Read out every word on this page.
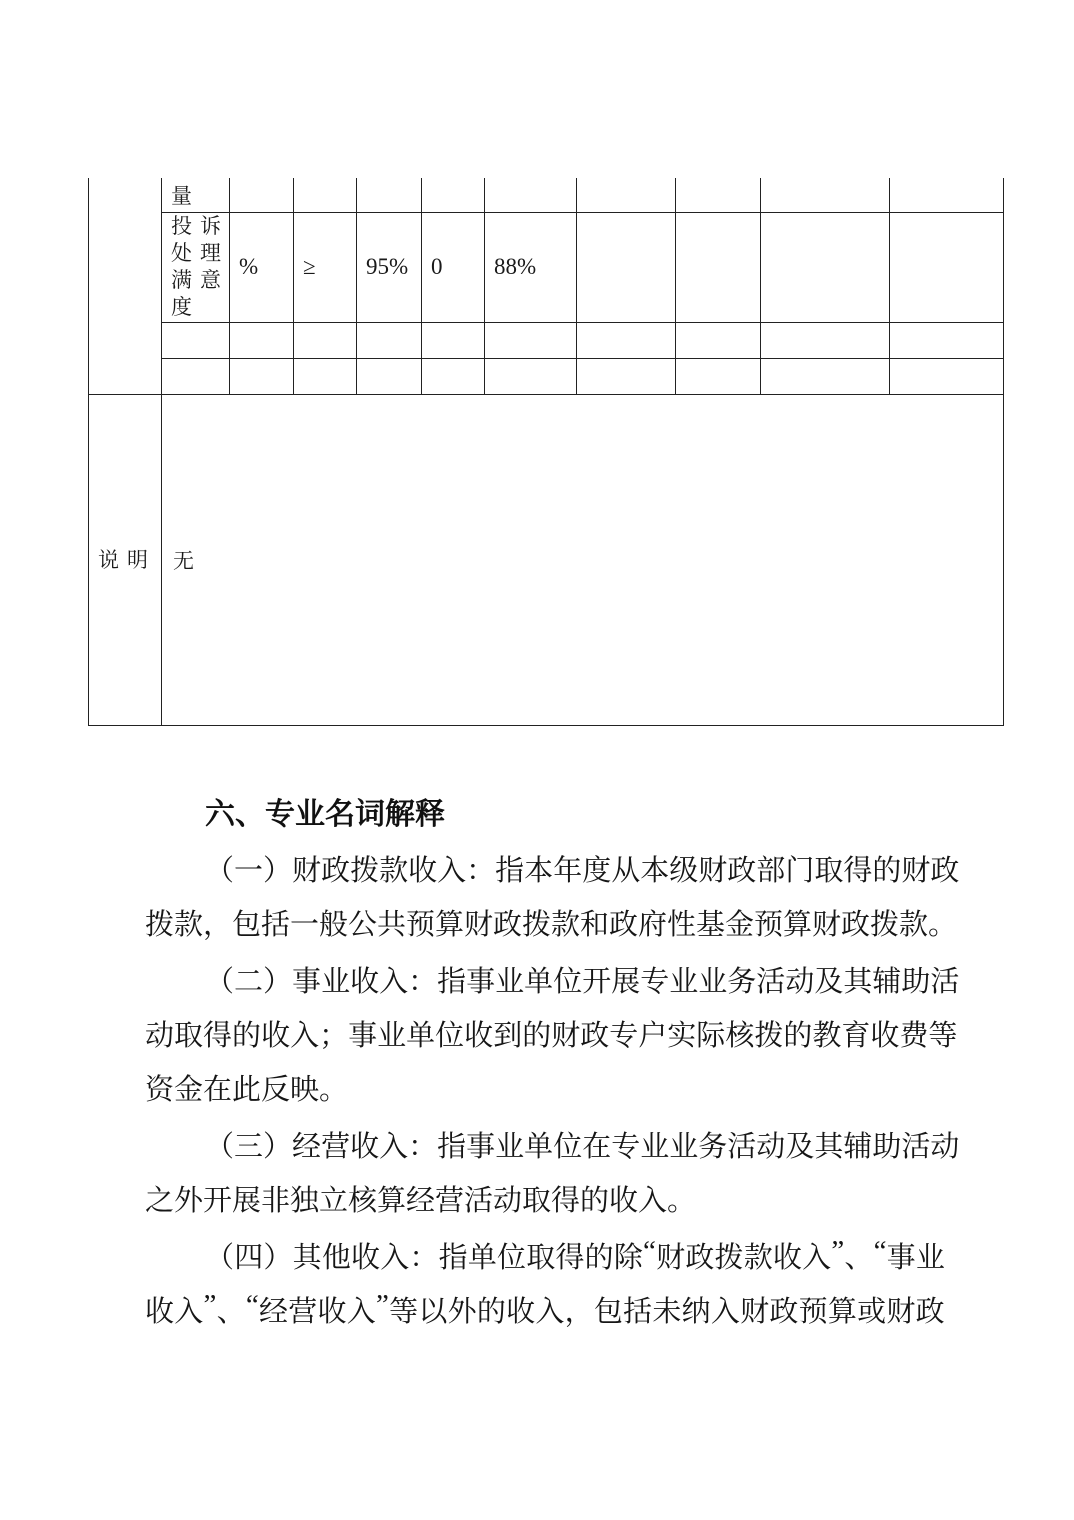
	量									

投 诉
处 理
满 意
度
	%	≥	95%	0	88%				

说 明	无									
六、专业名词解释
（ 一 ） 财 政 拨 款 收 入 ： 指 本 年 度 从 本 级 财 政 部 门 取 得 的 财 政
拨款，包括一般公共预算财政拨款和政府性基金预算财政拨款。
（ 二 ） 事 业 收 入 ： 指 事 业 单 位 开 展 专 业 业 务 活 动 及 其 辅 助 活
动 取 得 的 收 入 ； 事 业 单 位 收 到 的 财 政 专 户 实 际 核 拨 的 教 育 收 费 等
资金在此反映。
（ 三 ） 经 营 收 入 ： 指 事 业 单 位 在 专 业 业 务 活 动 及 其 辅 助 活 动
之外开展非独立核算经营活动取得的收入。
（ 四 ） 其 他 收 入 ： 指 单 位 取 得 的 除 “ 财 政 拨 款 收 入 ” 、 “ 事 业
收 入 ” 、 “ 经 营 收 入 ” 等 以 外 的 收 入 ， 包 括 未 纳 入 财 政 预 算 或 财 政
